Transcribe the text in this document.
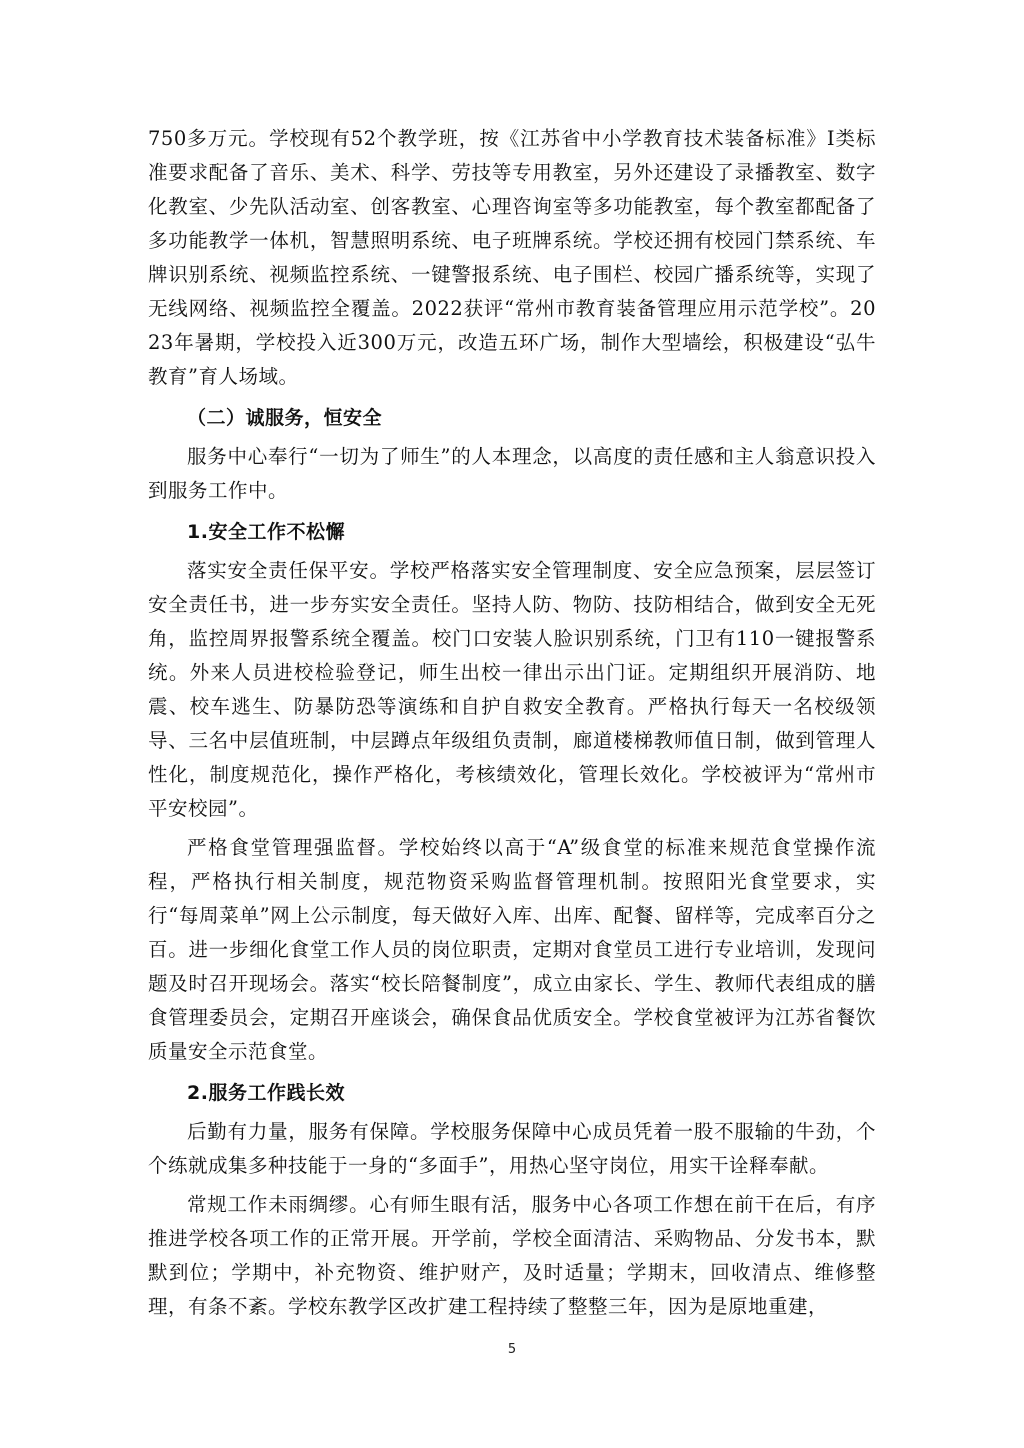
750多万元。学校现有52个教学班，按《江苏省中小学教育技术装备标准》I类标准要求配备了音乐、美术、科学、劳技等专用教室，另外还建设了录播教室、数字化教室、少先队活动室、创客教室、心理咨询室等多功能教室，每个教室都配备了多功能教学一体机，智慧照明系统、电子班牌系统。学校还拥有校园门禁系统、车牌识别系统、视频监控系统、一键警报系统、电子围栏、校园广播系统等，实现了无线网络、视频监控全覆盖。2022获评“常州市教育装备管理应用示范学校”。2023年暑期，学校投入近300万元，改造五环广场，制作大型墙绘，积极建设“弘牛教育”育人场域。

（二）诚服务，恒安全

服务中心奉行“一切为了师生”的人本理念，以高度的责任感和主人翁意识投入到服务工作中。

1.安全工作不松懈

落实安全责任保平安。学校严格落实安全管理制度、安全应急预案，层层签订安全责任书，进一步夯实安全责任。坚持人防、物防、技防相结合，做到安全无死角，监控周界报警系统全覆盖。校门口安装人脸识别系统，门卫有110一键报警系统。外来人员进校检验登记，师生出校一律出示出门证。定期组织开展消防、地震、校车逃生、防暴防恐等演练和自护自救安全教育。严格执行每天一名校级领导、三名中层值班制，中层蹲点年级组负责制，廊道楼梯教师值日制，做到管理人性化，制度规范化，操作严格化，考核绩效化，管理长效化。学校被评为“常州市平安校园”。

严格食堂管理强监督。学校始终以高于“A”级食堂的标准来规范食堂操作流程，严格执行相关制度，规范物资采购监督管理机制。按照阳光食堂要求，实行“每周菜单”网上公示制度，每天做好入库、出库、配餐、留样等，完成率百分之百。进一步细化食堂工作人员的岗位职责，定期对食堂员工进行专业培训，发现问题及时召开现场会。落实“校长陪餐制度”，成立由家长、学生、教师代表组成的膳食管理委员会，定期召开座谈会，确保食品优质安全。学校食堂被评为江苏省餐饮质量安全示范食堂。

2.服务工作践长效

后勤有力量，服务有保障。学校服务保障中心成员凭着一股不服输的牛劲，个个练就成集多种技能于一身的“多面手”，用热心坚守岗位，用实干诠释奉献。

常规工作未雨绸缪。心有师生眼有活，服务中心各项工作想在前干在后，有序推进学校各项工作的正常开展。开学前，学校全面清洁、采购物品、分发书本，默默到位；学期中，补充物资、维护财产，及时适量；学期末，回收清点、维修整理，有条不紊。学校东教学区改扩建工程持续了整整三年，因为是原地重建，

5
